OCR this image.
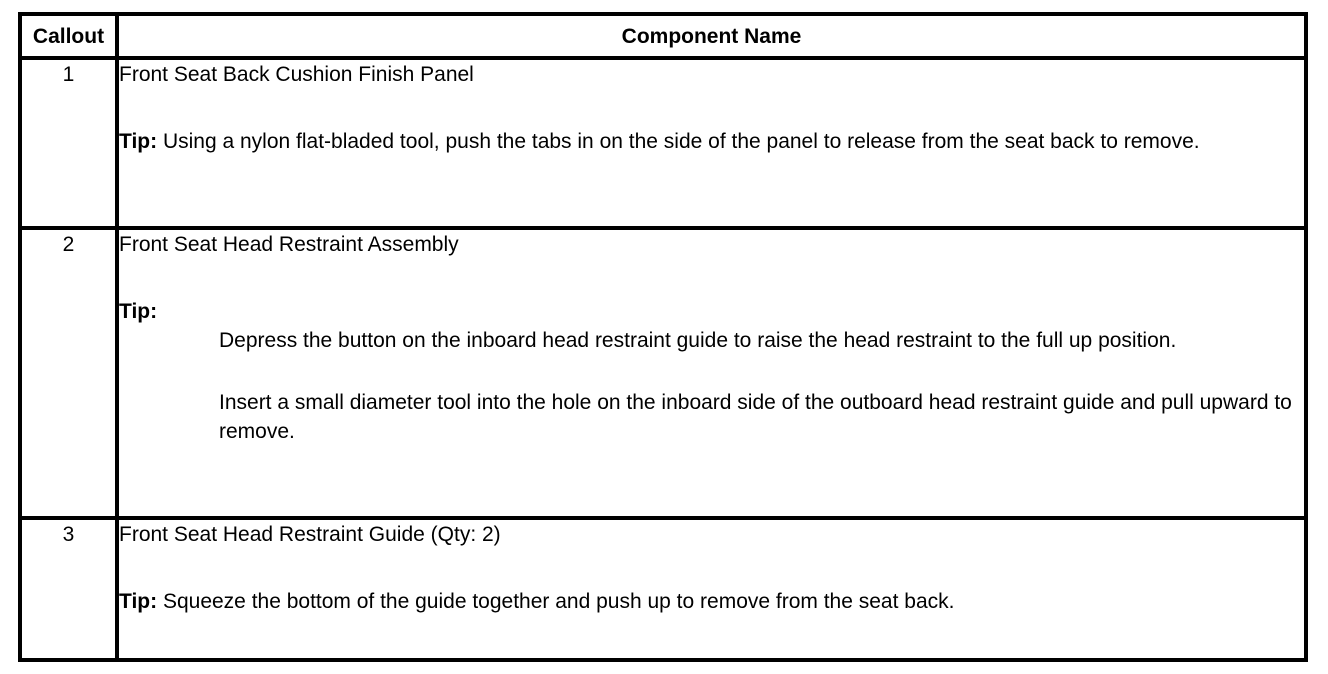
Callout	Component Name
1	Front Seat Back Cushion Finish Panel
Tip: Using a nylon flat-bladed tool, push the tabs in on the side of the panel to release from the seat back to remove.
2	Front Seat Head Restraint Assembly
Tip:
Depress the button on the inboard head restraint guide to raise the head restraint to the full up position.
Insert a small diameter tool into the hole on the inboard side of the outboard head restraint guide and pull upward to remove.

3	Front Seat Head Restraint Guide (Qty: 2)
Tip: Squeeze the bottom of the guide together and push up to remove from the seat back.
